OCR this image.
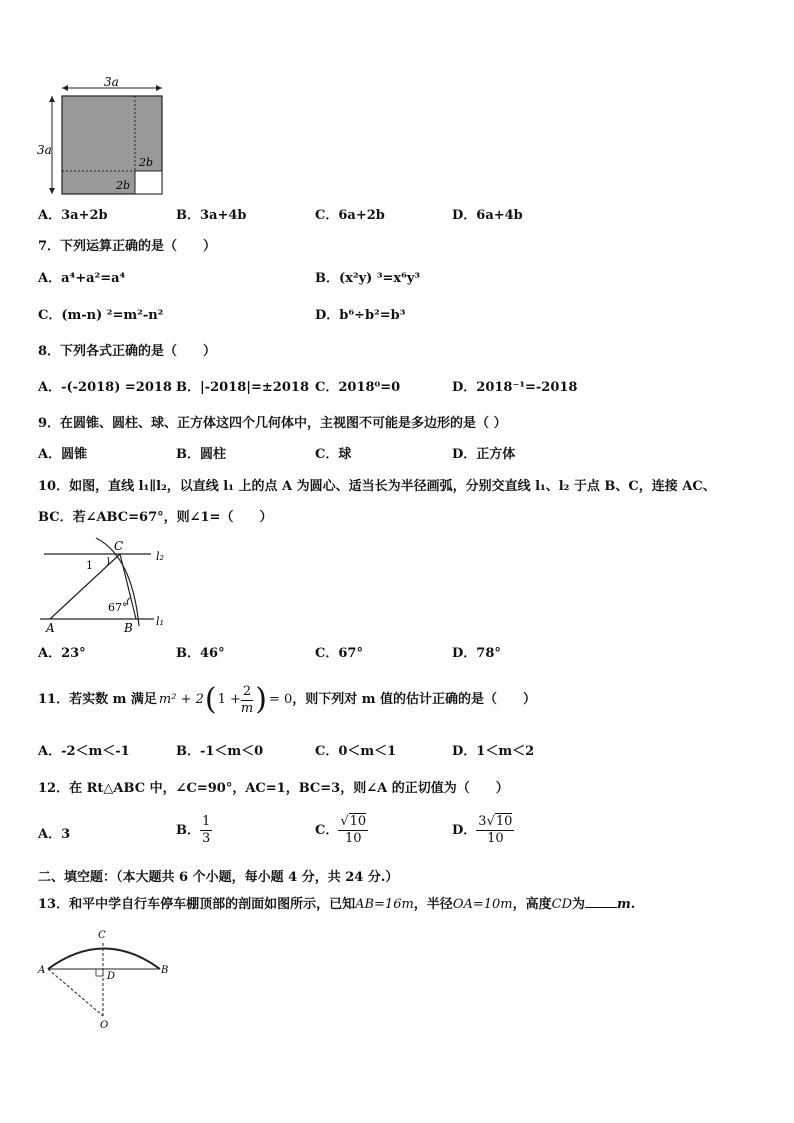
3a
3a
2b
2b
A．3a+2b	B．3a+4b	C．6a+2b	D．6a+4b
7．下列运算正确的是（　　）
A．a⁴+a²=a⁴	B．(x²y) ³=x⁶y³
C．(m-n) ²=m²-n²	D．b⁶÷b²=b³
8．下列各式正确的是（　　）
A．-(-2018) =2018 B．|-2018|=±2018 C．2018⁰=0	D．2018⁻¹=-2018
9．在圆锥、圆柱、球、正方体这四个几何体中，主视图不可能是多边形的是（ ）
A．圆锥	B．圆柱	C．球	D．正方体
10．如图，直线 l₁∥l₂，以直线 l₁ 上的点 A 为圆心、适当长为半径画弧，分别交直线 l₁、l₂ 于点 B、C，连接 AC、
BC．若∠ABC=67°，则∠1=（　　）
C
1
67°
A	B
l₂
l₁
A．23°	B．46°	C．67°	D．78°
11．若实数 m 满足 m² + 2 ( $1 + \frac{2}{m}$ ) = 0 ，则下列对 m 值的估计正确的是（　　）
A．-2＜m＜-1	B．-1＜m＜0	C．0＜m＜1	D．1＜m＜2
12．在 Rt△ABC 中，∠C=90°，AC=1，BC=3，则∠A 的正切值为（　　）
A．3	B． $\frac{1}{3}$	C． $\frac{√10}{10}$	D． $\frac{3√10}{10}$
二、填空题：（本大题共 6 个小题，每小题 4 分，共 24 分.）
13．和平中学自行车停车棚顶部的剖面如图所示，已知AB=16m，半径OA=10m，高度CD为 m.
C
A	B
D
O
